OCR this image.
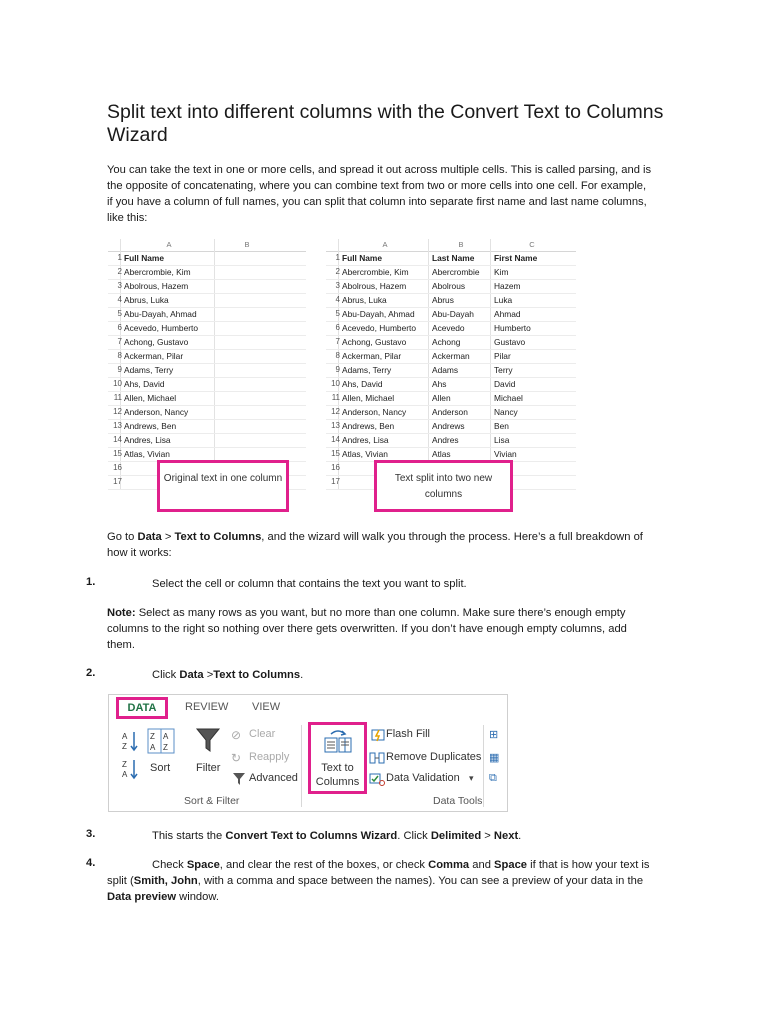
Split text into different columns with the Convert Text to Columns Wizard

You can take the text in one or more cells, and spread it out across multiple cells. This is called parsing, and is the opposite of concatenating, where you can combine text from two or more cells into one cell. For example, if you have a column of full names, you can split that column into separate first name and last name columns, like this:

A	B
1 Full Name
2 Abercrombie, Kim
3 Abolrous, Hazem
4 Abrus, Luka
5 Abu-Dayah, Ahmad
6 Acevedo, Humberto
7 Achong, Gustavo
8 Ackerman, Pilar
9 Adams, Terry
10 Ahs, David
11 Allen, Michael
12 Anderson, Nancy
13 Andrews, Ben
14 Andres, Lisa
15 Atlas, Vivian
16
17	Original text in one column
A	B	C
1 Full Name	Last Name	First Name
2 Abercrombie, Kim	Abercrombie	Kim
3 Abolrous, Hazem	Abolrous	Hazem
4 Abrus, Luka	Abrus	Luka
5 Abu-Dayah, Ahmad	Abu-Dayah	Ahmad
6 Acevedo, Humberto	Acevedo	Humberto
7 Achong, Gustavo	Achong	Gustavo
8 Ackerman, Pilar	Ackerman	Pilar
9 Adams, Terry	Adams	Terry
10 Ahs, David	Ahs	David
11 Allen, Michael	Allen	Michael
12 Anderson, Nancy	Anderson	Nancy
13 Andrews, Ben	Andrews	Ben
14 Andres, Lisa	Andres	Lisa
15 Atlas, Vivian	Atlas	Vivian
16
17	Text split into two new columns

Go to Data > Text to Columns, and the wizard will walk you through the process. Here’s a full breakdown of how it works:

1.	Select the cell or column that contains the text you want to split.

Note: Select as many rows as you want, but no more than one column. Make sure there’s enough empty columns to the right so nothing over there gets overwritten. If you don’t have enough empty columns, add them.

2.	Click Data >Text to Columns.
DATA	REVIEW VIEW
A
Z
Z
A
Z A
A Z
Sort Filter
⊘ Clear
↻ Reapply
Advanced
Sort & Filter
Text to
Columns
Flash Fill
Remove Duplicates
Data Validation ▾
Data Tools
⊞
▦
⧉
3.	This starts the Convert Text to Columns Wizard. Click Delimited > Next.
4.	Check Space, and clear the rest of the boxes, or check Comma and Space if that is how your text is split (Smith, John, with a comma and space between the names). You can see a preview of your data in the Data preview window.
